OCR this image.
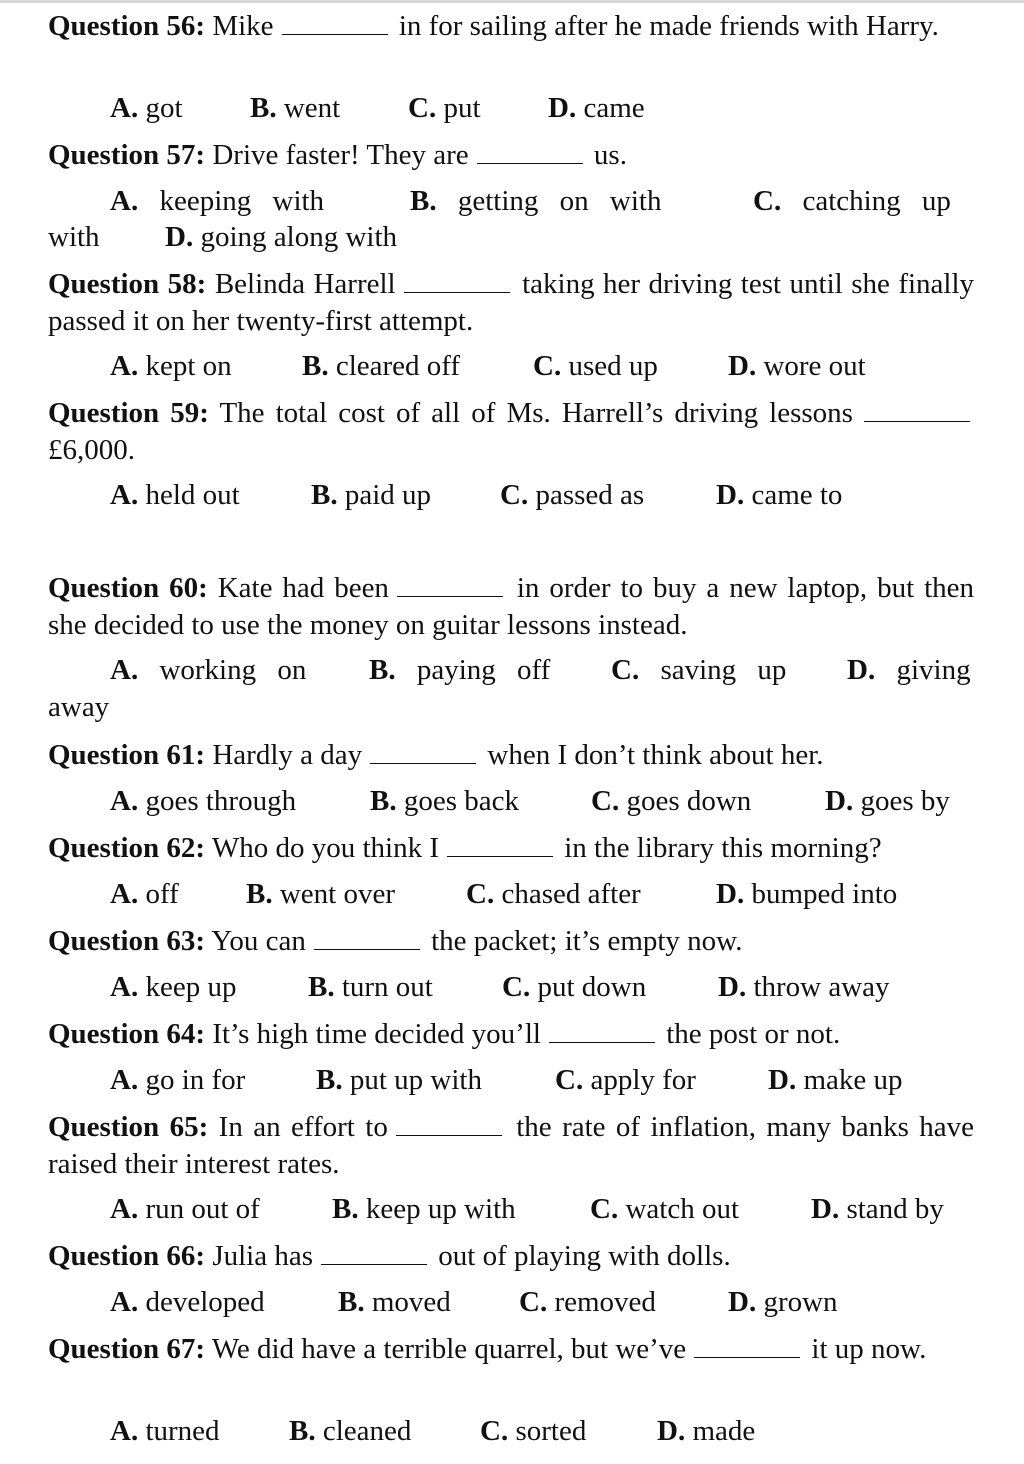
Question 56: Mike	in for sailing after he made friends with Harry.
A. got B. went C. put D. came
Question 57: Drive faster! They are	us.
A. keeping with	B. getting on with	C. catching up
with D. going along with
Question 58: Belinda Harrell	taking her driving test until she finally passed it on her twenty-first attempt.
A. kept on B. cleared off	C. used up D. wore out
Question 59: The total cost of all of Ms. Harrell’s driving lessons  £6,000.
A. held out B. paid up C. passed as D. came to
Question 60: Kate had been	in order to buy a new laptop, but then she decided to use the money on guitar lessons instead.
A. working on B. paying off C. saving up D. giving
away
Question 61: Hardly a day	when I don’t think about her.
A. goes through	B. goes back C. goes down	D. goes by
Question 62: Who do you think I	in the library this morning?
A. off B. went over C. chased after	D. bumped into
Question 63: You can	the packet; it’s empty now.
A. keep up B. turn out C. put down D. throw away
Question 64: It’s high time decided you’ll	the post or not.
A. go in for B. put up with	C. apply for D. make up
Question 65: In an effort to	the rate of inflation, many banks have raised their interest rates.
A. run out of B. keep up with	C. watch out D. stand by
Question 66: Julia has	out of playing with dolls.
A. developed	B. moved C. removed D. grown
Question 67: We did have a terrible quarrel, but we’ve	it up now.
A. turned B. cleaned C. sorted D. made
